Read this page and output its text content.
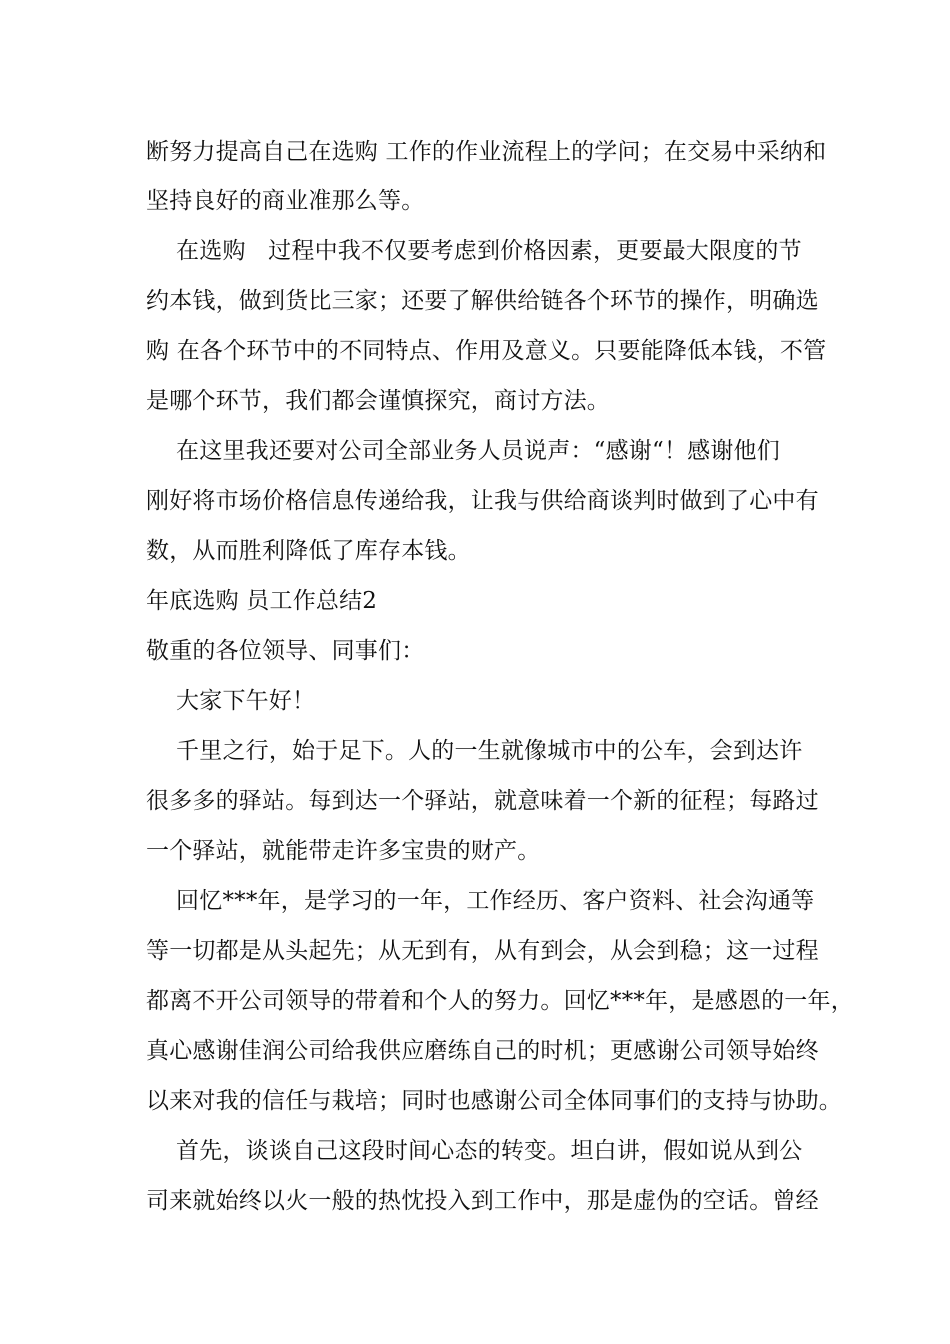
断努力提高自己在选购 工作的作业流程上的学问；在交易中采纳和
坚持良好的商业准那么等。
在选购   过程中我不仅要考虑到价格因素，更要最大限度的节
约本钱，做到货比三家；还要了解供给链各个环节的操作，明确选
购 在各个环节中的不同特点、作用及意义。只要能降低本钱，不管
是哪个环节，我们都会谨慎探究，商讨方法。
在这里我还要对公司全部业务人员说声：“感谢“！感谢他们
刚好将市场价格信息传递给我，让我与供给商谈判时做到了心中有
数，从而胜利降低了库存本钱。
年底选购 员工作总结2
敬重的各位领导、同事们：
大家下午好！
千里之行，始于足下。人的一生就像城市中的公车，会到达许
很多多的驿站。每到达一个驿站，就意味着一个新的征程；每路过
一个驿站，就能带走许多宝贵的财产。
回忆***年，是学习的一年，工作经历、客户资料、社会沟通等
等一切都是从头起先；从无到有，从有到会，从会到稳；这一过程
都离不开公司领导的带着和个人的努力。回忆***年，是感恩的一年，
真心感谢佳润公司给我供应磨练自己的时机；更感谢公司领导始终
以来对我的信任与栽培；同时也感谢公司全体同事们的支持与协助。
首先，谈谈自己这段时间心态的转变。坦白讲，假如说从到公
司来就始终以火一般的热忱投入到工作中，那是虚伪的空话。曾经
